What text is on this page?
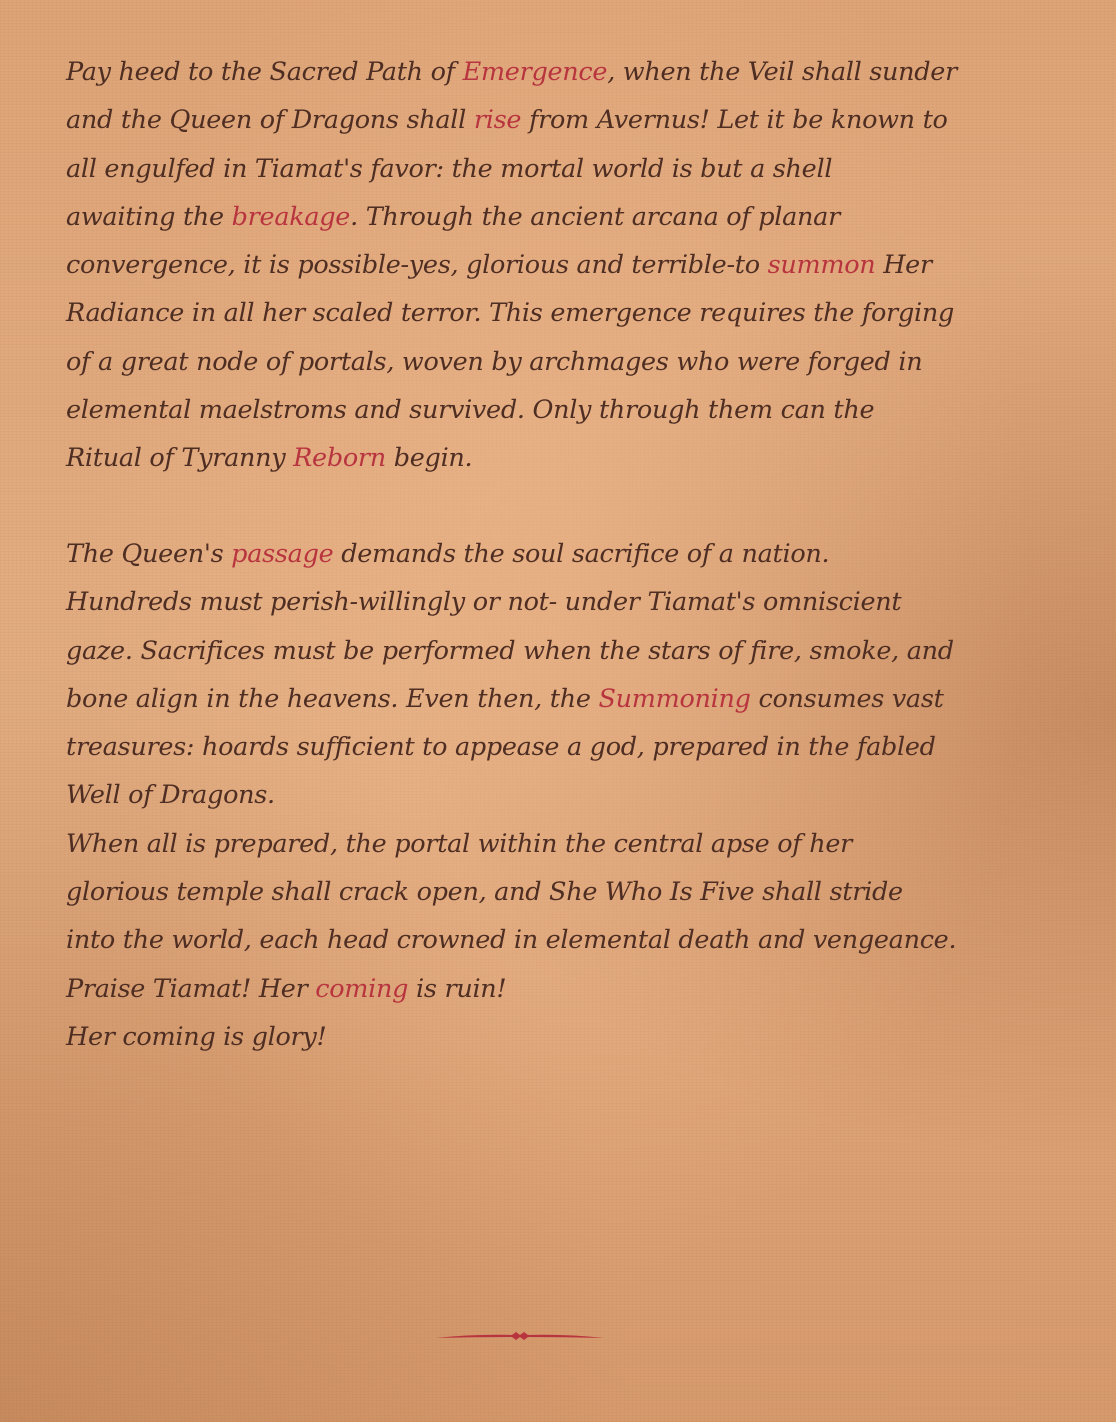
Pay heed to the Sacred Path of Emergence, when the Veil shall sunder
and the Queen of Dragons shall rise from Avernus! Let it be known to
all engulfed in Tiamat's favor: the mortal world is but a shell
awaiting the breakage. Through the ancient arcana of planar
convergence, it is possible-yes, glorious and terrible-to summon Her
Radiance in all her scaled terror. This emergence requires the forging
of a great node of portals, woven by archmages who were forged in
elemental maelstroms and survived. Only through them can the
Ritual of Tyranny Reborn begin.
The Queen's passage demands the soul sacrifice of a nation.
Hundreds must perish-willingly or not- under Tiamat's omniscient
gaze. Sacrifices must be performed when the stars of fire, smoke, and
bone align in the heavens. Even then, the Summoning consumes vast
treasures: hoards sufficient to appease a god, prepared in the fabled
Well of Dragons.
When all is prepared, the portal within the central apse of her
glorious temple shall crack open, and She Who Is Five shall stride
into the world, each head crowned in elemental death and vengeance.
Praise Tiamat! Her coming is ruin!
Her coming is glory!
